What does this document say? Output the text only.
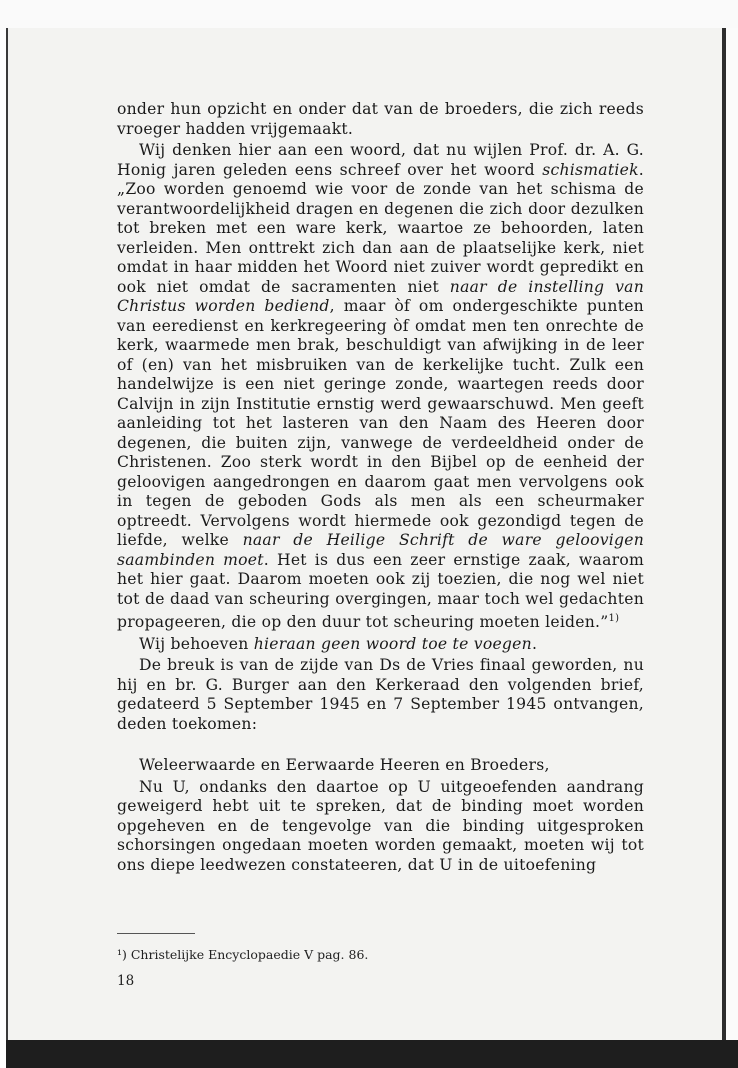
onder hun opzicht en onder dat van de broeders, die zich reeds vroeger hadden vrijgemaakt.

Wij denken hier aan een woord, dat nu wijlen Prof. dr. A. G. Honig jaren geleden eens schreef over het woord schismatiek. „Zoo worden genoemd wie voor de zonde van het schisma de verantwoordelijkheid dragen en degenen die zich door dezulken tot breken met een ware kerk, waartoe ze behoorden, laten verleiden. Men onttrekt zich dan aan de plaatselijke kerk, niet omdat in haar midden het Woord niet zuiver wordt gepredikt en ook niet omdat de sacramenten niet naar de instelling van Christus worden bediend, maar òf om ondergeschikte punten van eeredienst en kerkregeering òf omdat men ten onrechte de kerk, waarmede men brak, beschuldigt van afwijking in de leer of (en) van het misbruiken van de kerkelijke tucht. Zulk een handelwijze is een niet geringe zonde, waartegen reeds door Calvijn in zijn Institutie ernstig werd gewaarschuwd. Men geeft aanleiding tot het lasteren van den Naam des Heeren door degenen, die buiten zijn, vanwege de verdeeldheid onder de Christenen. Zoo sterk wordt in den Bijbel op de eenheid der geloovigen aangedrongen en daarom gaat men vervolgens ook in tegen de geboden Gods als men als een scheurmaker optreedt. Vervolgens wordt hiermede ook gezondigd tegen de liefde, welke naar de Heilige Schrift de ware geloovigen saambinden moet. Het is dus een zeer ernstige zaak, waarom het hier gaat. Daarom moeten ook zij toezien, die nog wel niet tot de daad van scheuring overgingen, maar toch wel gedachten propageeren, die op den duur tot scheuring moeten leiden.”$^{1)}$

Wij behoeven hieraan geen woord toe te voegen.

De breuk is van de zijde van Ds de Vries finaal geworden, nu hij en br. G. Burger aan den Kerkeraad den volgenden brief, gedateerd 5 September 1945 en 7 September 1945 ontvangen, deden toekomen:

Weleerwaarde en Eerwaarde Heeren en Broeders,

Nu U, ondanks den daartoe op U uitgeoefenden aandrang geweigerd hebt uit te spreken, dat de binding moet worden opgeheven en de tengevolge van die binding uitgesproken schorsingen ongedaan moeten worden gemaakt, moeten wij tot ons diepe leedwezen constateeren, dat U in de uitoefening

¹) Christelijke Encyclopaedie V pag. 86.
18
